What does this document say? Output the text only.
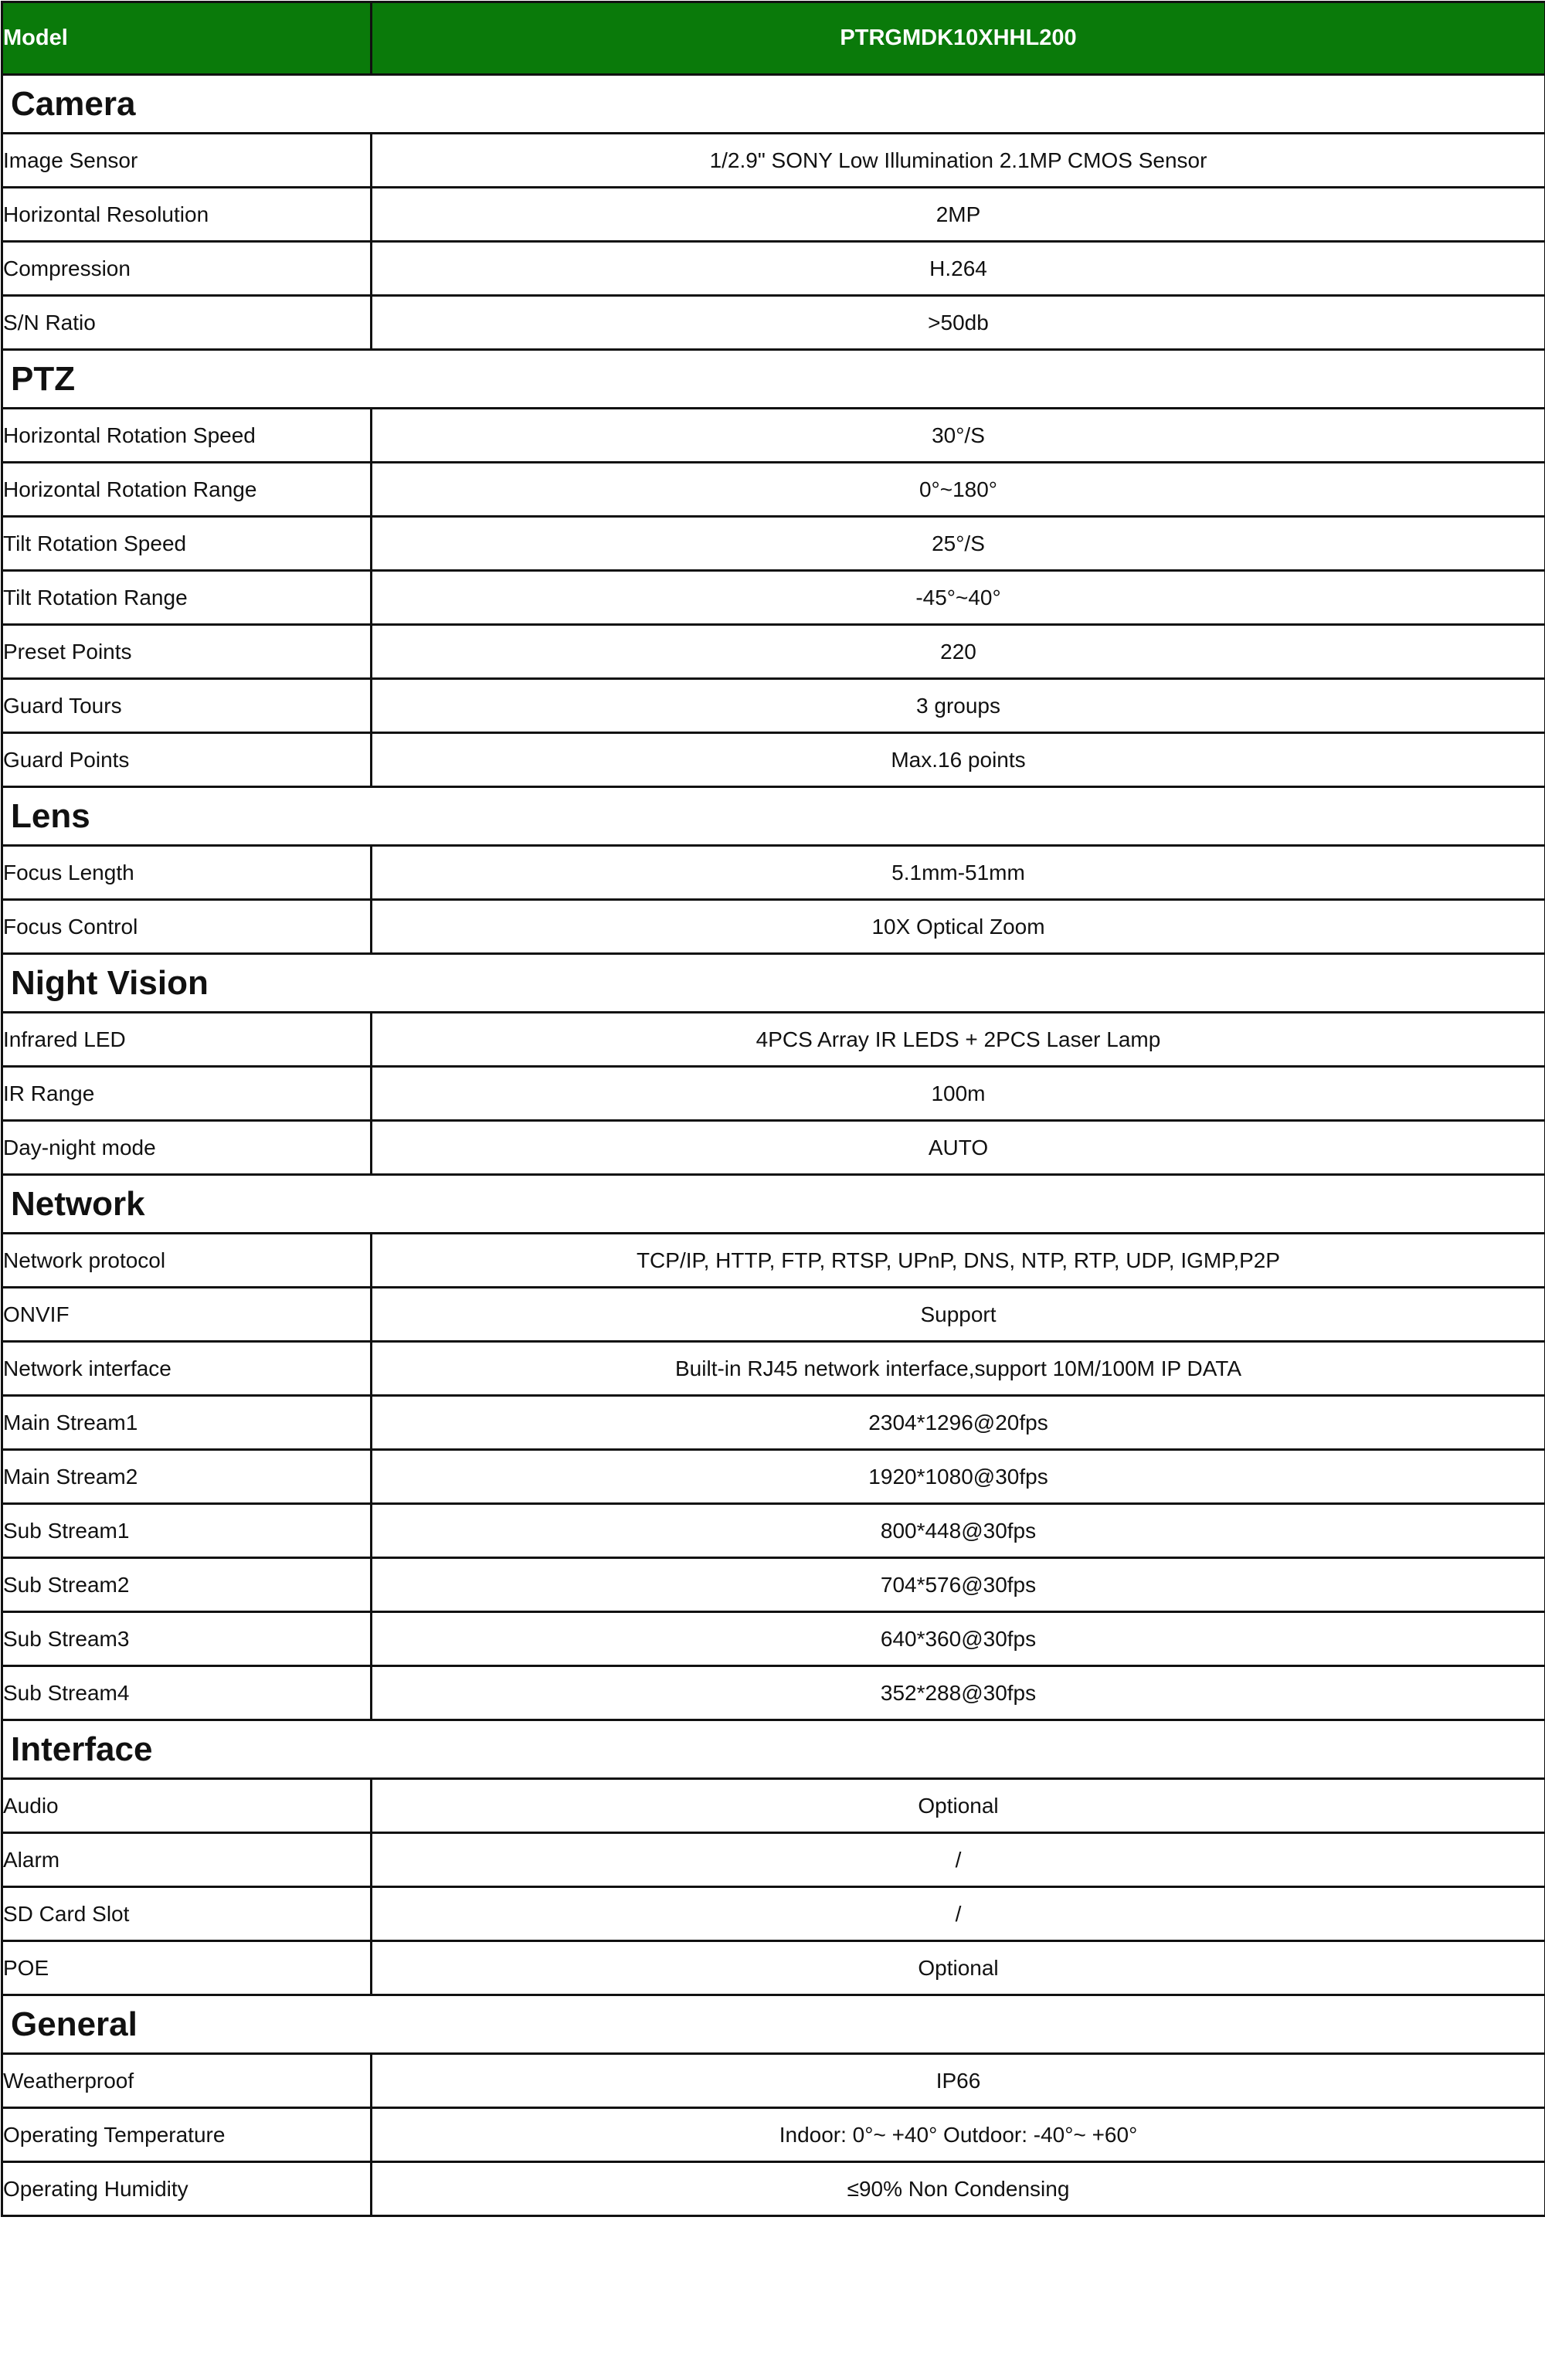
Model	PTRGMDK10XHHL200
Camera	
Image Sensor	1/2.9" SONY Low Illumination 2.1MP CMOS Sensor
Horizontal Resolution	2MP
Compression	H.264
S/N Ratio	>50db
PTZ	
Horizontal Rotation Speed	30°/S
Horizontal Rotation Range	0°~180°
Tilt Rotation Speed	25°/S
Tilt Rotation Range	-45°~40°
Preset Points	220
Guard Tours	3 groups
Guard Points	Max.16 points
Lens	
Focus Length	5.1mm-51mm
Focus Control	10X Optical Zoom
Night Vision	
Infrared LED	4PCS Array IR LEDS + 2PCS Laser Lamp
IR Range	100m
Day-night mode	AUTO
Network	
Network protocol	TCP/IP, HTTP, FTP, RTSP, UPnP, DNS, NTP, RTP, UDP, IGMP,P2P
ONVIF	Support
Network interface	Built-in RJ45 network interface,support 10M/100M IP DATA
Main Stream1	2304*1296@20fps
Main Stream2	1920*1080@30fps
Sub Stream1	800*448@30fps
Sub Stream2	704*576@30fps
Sub Stream3	640*360@30fps
Sub Stream4	352*288@30fps
Interface	
Audio	Optional
Alarm	/
SD Card Slot	/
POE	Optional
General	
Weatherproof	IP66
Operating Temperature	Indoor: 0°~ +40° Outdoor: -40°~ +60°
Operating Humidity	≤90% Non Condensing
